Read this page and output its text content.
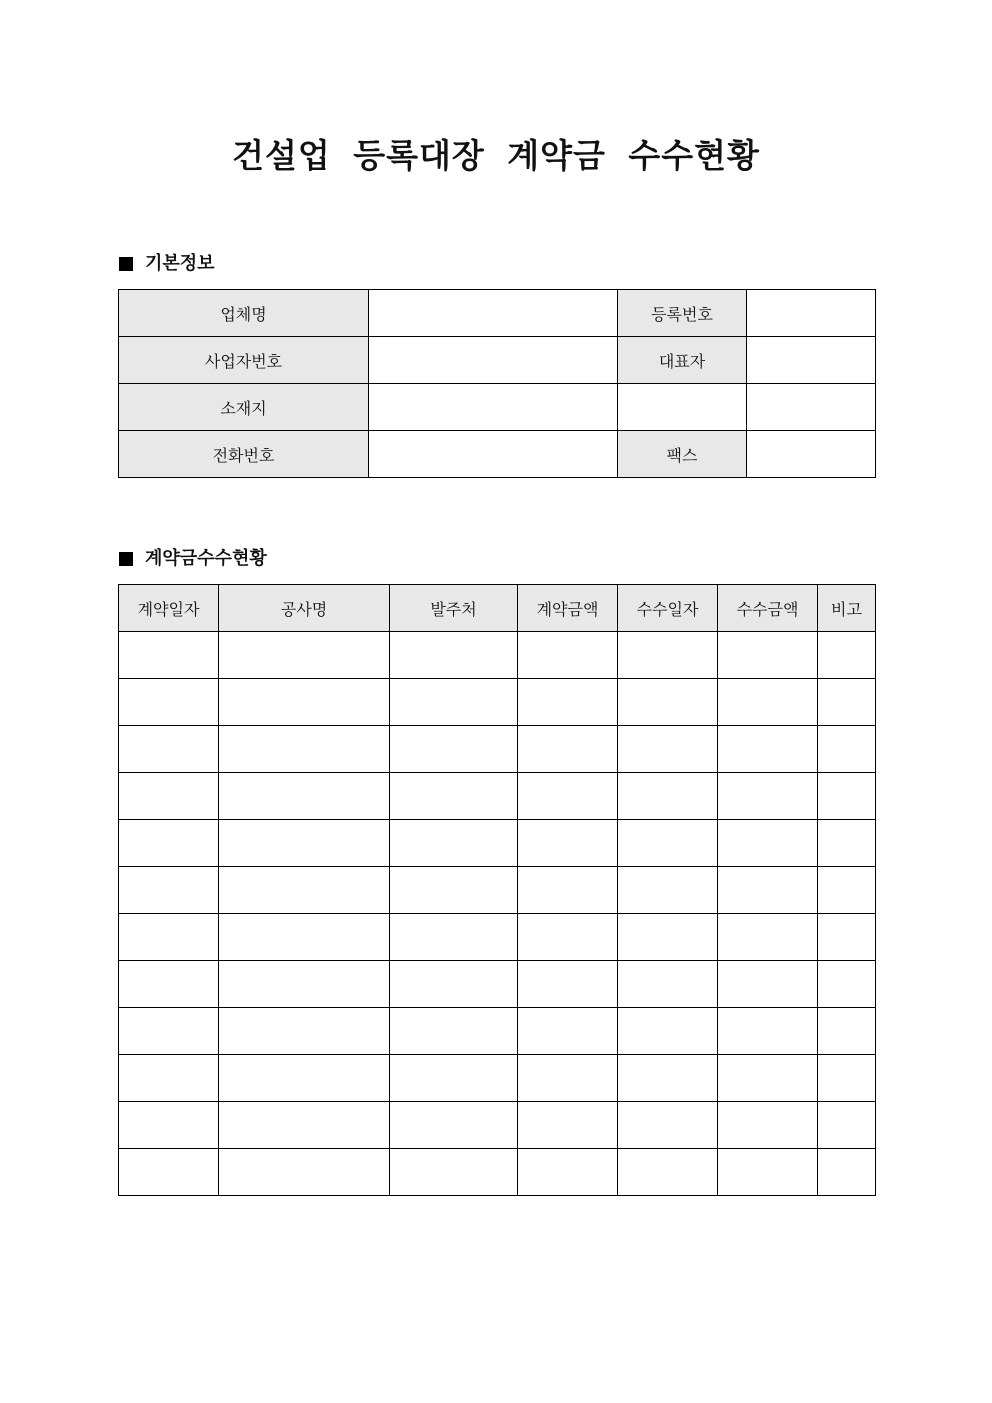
건설업 등록대장 계약금 수수현황
기본정보
업체명		등록번호	
사업자번호		대표자	
소재지			
전화번호		팩스	
계약금수수현황
계약일자	공사명	발주처	계약금액	수수일자	수수금액	비고
